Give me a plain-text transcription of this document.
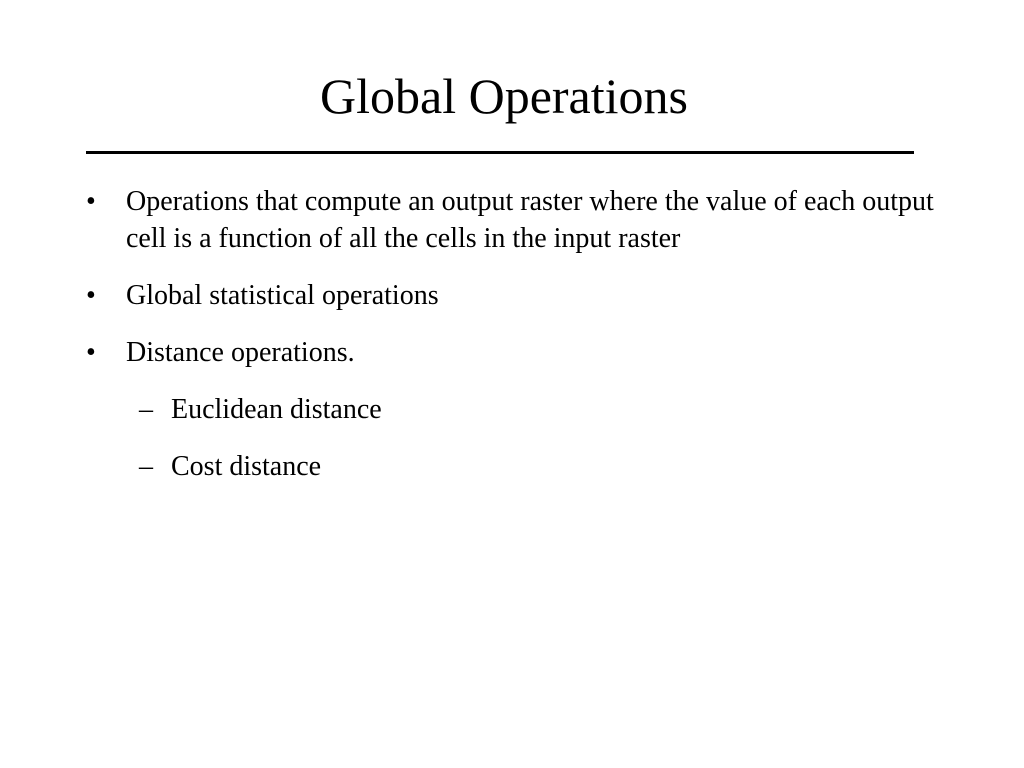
Global Operations
•	Operations that compute an output raster where the value of each output cell is a function of all the cells in the input raster
•	Global statistical operations
•	Distance operations.
– Euclidean distance
– Cost distance
